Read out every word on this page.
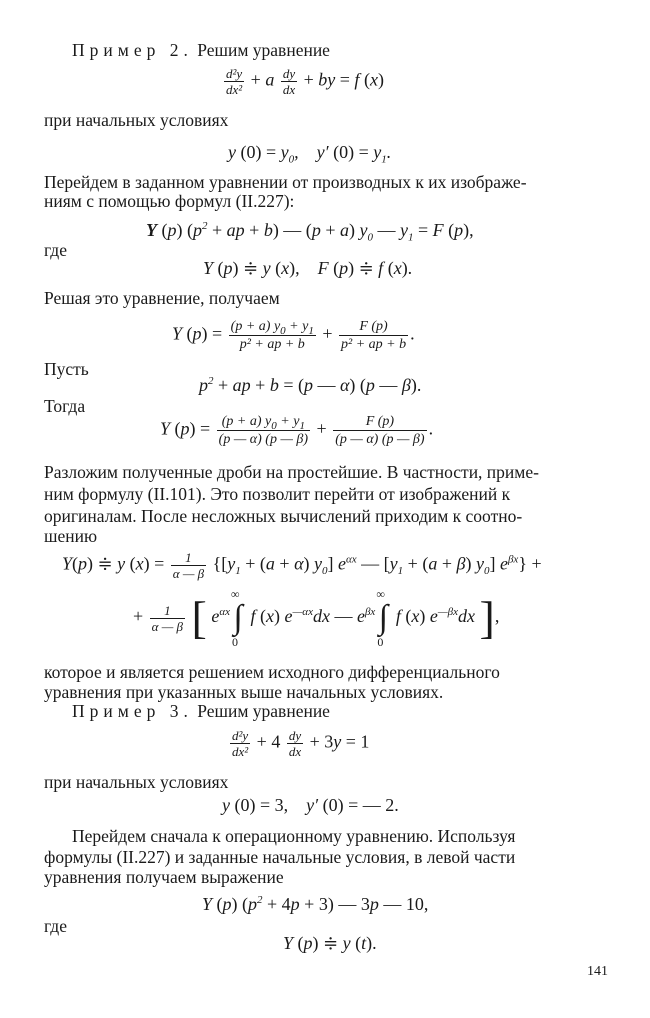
Пример 2. Решим уравнение
$\frac{\text{d²y}}{\text{dx²}} + a \frac{dy}{dx}$ + by = f (x)
при начальных условиях
y $(0) = y_0$,    y′ $(0) = y_1$.
Перейдем в заданном уравнении от производных к их изображе-
ниям с помощью формул (II.227):
Y (p) ($p^2$ + ap + b) — (p + a) $y_0$ — $y_1 = F$ (p),
где
Y (p) ≑ y (x),    F (p) ≑ f (x).
Решая это уравнение, получаем
Y $(p) = \frac{(p + a) y_0 + y_1}{\text{p² + ap + b}} + \frac{F (p)}{\text{p² + ap + b}}$ .
Пусть
$p^2$ + ap + b = (p — α) (p — β).
Тогда
Y $(p) = \frac{(p + a) y_0 + y_1}{(p — \alpha) (p — \beta)} + \frac{F (p)}{(p — \alpha) (p — \beta)}$ .
Разложим полученные дроби на простейшие. В частности, приме-
ним формулу (II.101). Это позволит перейти от изображений к
оригиналам. После несложных вычислений приходим к соотно-
шению
Y(p) ≑ y $(x) = \frac{1}{\alpha — \beta} \{[y_1 + (a + \alpha)$ $y_0$] $e^{\alpha x}$ — [$y_1 + (a + \beta)$ $y_0$] $e^{\beta x}$} +
+ $\frac{1}{\alpha — \beta}$ [ $e^{\alpha x}$
∞
∫
0
f (x) $e^{—\alpha x}dx$ — $e^{\beta x}$
∞
∫
0
f (x) $e^{—\beta x}dx$ ],
которое и является решением исходного дифференциального
уравнения при указанных выше начальных условиях.
Пример 3. Решим уравнение
$\frac{\text{d²y}}{\text{dx²}} + 4 \frac{dy}{dx} + 3y = 1$
при начальных условиях
y (0) = 3,    y′ (0) = — 2.
Перейдем сначала к операционному уравнению. Используя
формулы (II.227) и заданные начальные условия, в левой части
уравнения получаем выражение
Y (p) $(p^2 + 4p + 3)$ — 3p — 10,
где
Y (p) ≑ y (t).
141
